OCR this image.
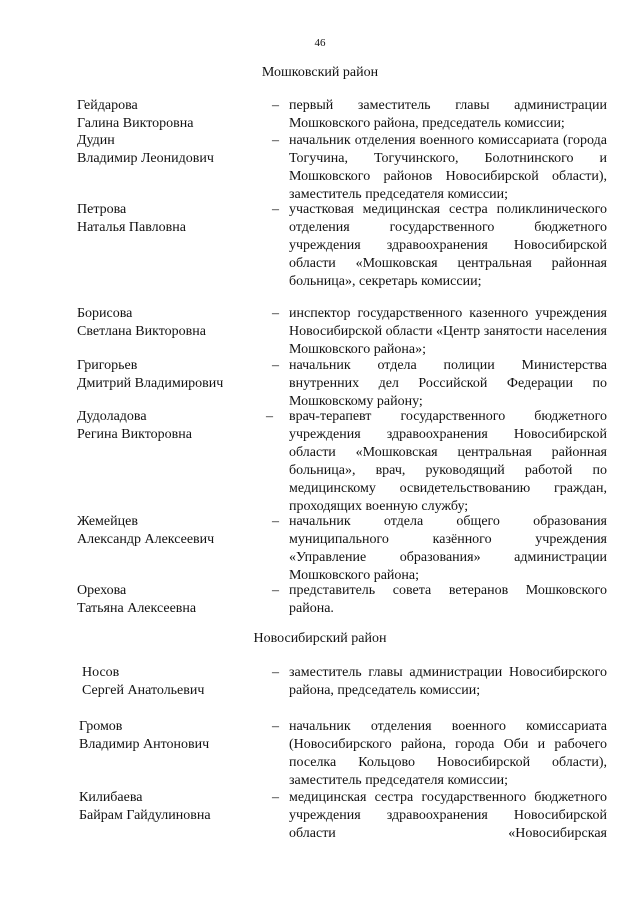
46
Мошковский район
Гейдарова
Галина Викторовна
– первый заместитель главы администрации Мошковского района, председатель комиссии;
Дудин
Владимир Леонидович
– начальник отделения военного комиссариата (города Тогучина, Тогучинского, Болотнинского и Мошковского районов Новосибирской области), заместитель председателя комиссии;
Петрова
Наталья Павловна
– участковая медицинская сестра поликлинического отделения государственного бюджетного учреждения здравоохранения Новосибирской области «Мошковская центральная районная больница», секретарь комиссии;
Борисова
Светлана Викторовна
– инспектор государственного казенного учреждения Новосибирской области «Центр занятости населения Мошковского района»;
Григорьев
Дмитрий Владимирович
– начальник отдела полиции Министерства внутренних дел Российской Федерации по Мошковскому району;
Дудоладова
Регина Викторовна
– врач-терапевт государственного бюджетного учреждения здравоохранения Новосибирской области «Мошковская центральная районная больница», врач, руководящий работой по медицинскому освидетельствованию граждан, проходящих военную службу;
Жемейцев
Александр Алексеевич
– начальник отдела общего образования муниципального казённого учреждения «Управление образования» администрации Мошковского района;
Орехова
Татьяна Алексеевна
– представитель совета ветеранов Мошковского района.
Новосибирский район
Носов
Сергей Анатольевич
– заместитель главы администрации Новосибирского района, председатель комиссии;
Громов
Владимир Антонович
– начальник отделения военного комиссариата (Новосибирского района, города Оби и рабочего поселка Кольцово Новосибирской области), заместитель председателя комиссии;
Килибаева
Байрам Гайдулиновна
– медицинская сестра государственного бюджетного учреждения здравоохранения Новосибирской области «Новосибирская
